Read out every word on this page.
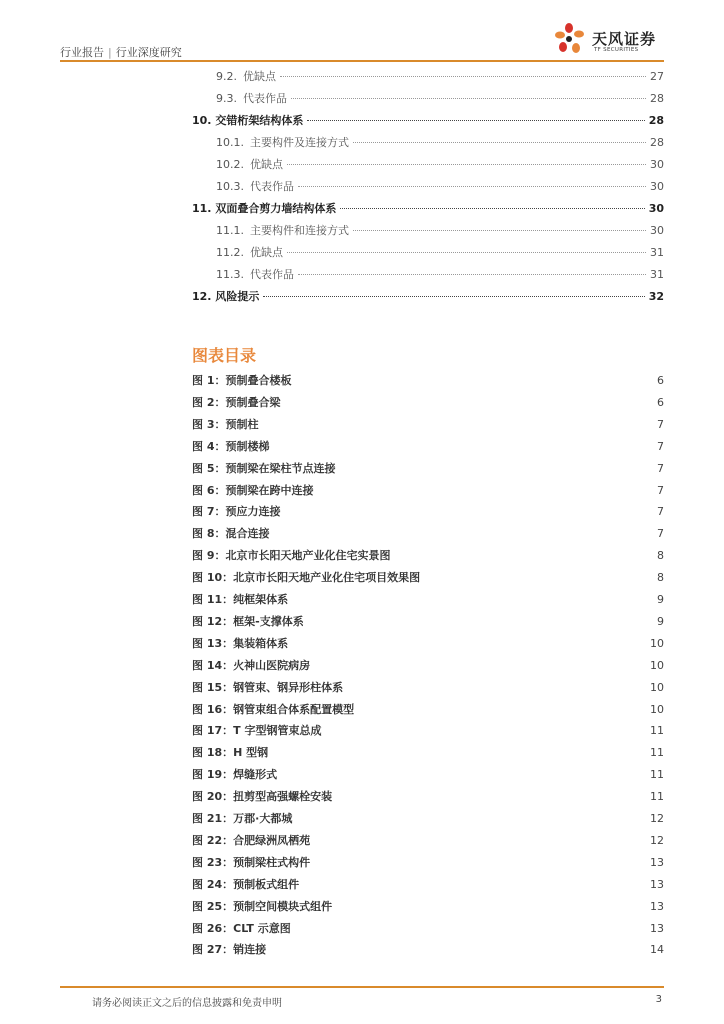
行业报告 | 行业深度研究
天风证券
TF SECURITIES
9.2. 优缺点	27
9.3. 代表作品	28
10. 交错桁架结构体系	28
10.1. 主要构件及连接方式	28
10.2. 优缺点	30
10.3. 代表作品	30
11. 双面叠合剪力墙结构体系	30
11.1. 主要构件和连接方式	30
11.2. 优缺点	31
11.3. 代表作品	31
12. 风险提示	32
图表目录
图 1： 预制叠合楼板	6
图 2： 预制叠合梁	6
图 3： 预制柱	7
图 4： 预制楼梯	7
图 5： 预制梁在梁柱节点连接	7
图 6： 预制梁在跨中连接	7
图 7： 预应力连接	7
图 8： 混合连接	7
图 9： 北京市长阳天地产业化住宅实景图	8
图 10： 北京市长阳天地产业化住宅项目效果图	8
图 11： 纯框架体系	9
图 12： 框架-支撑体系	9
图 13： 集装箱体系	10
图 14： 火神山医院病房	10
图 15： 钢管束、钢异形柱体系	10
图 16： 钢管束组合体系配置模型	10
图 17： T 字型钢管束总成	11
图 18： H 型钢	11
图 19： 焊缝形式	11
图 20： 扭剪型高强螺栓安装	11
图 21： 万郡·大都城	12
图 22： 合肥绿洲凤栖苑	12
图 23： 预制梁柱式构件	13
图 24： 预制板式组件	13
图 25： 预制空间模块式组件	13
图 26： CLT 示意图	13
图 27： 销连接	14
请务必阅读正文之后的信息披露和免责申明	3
